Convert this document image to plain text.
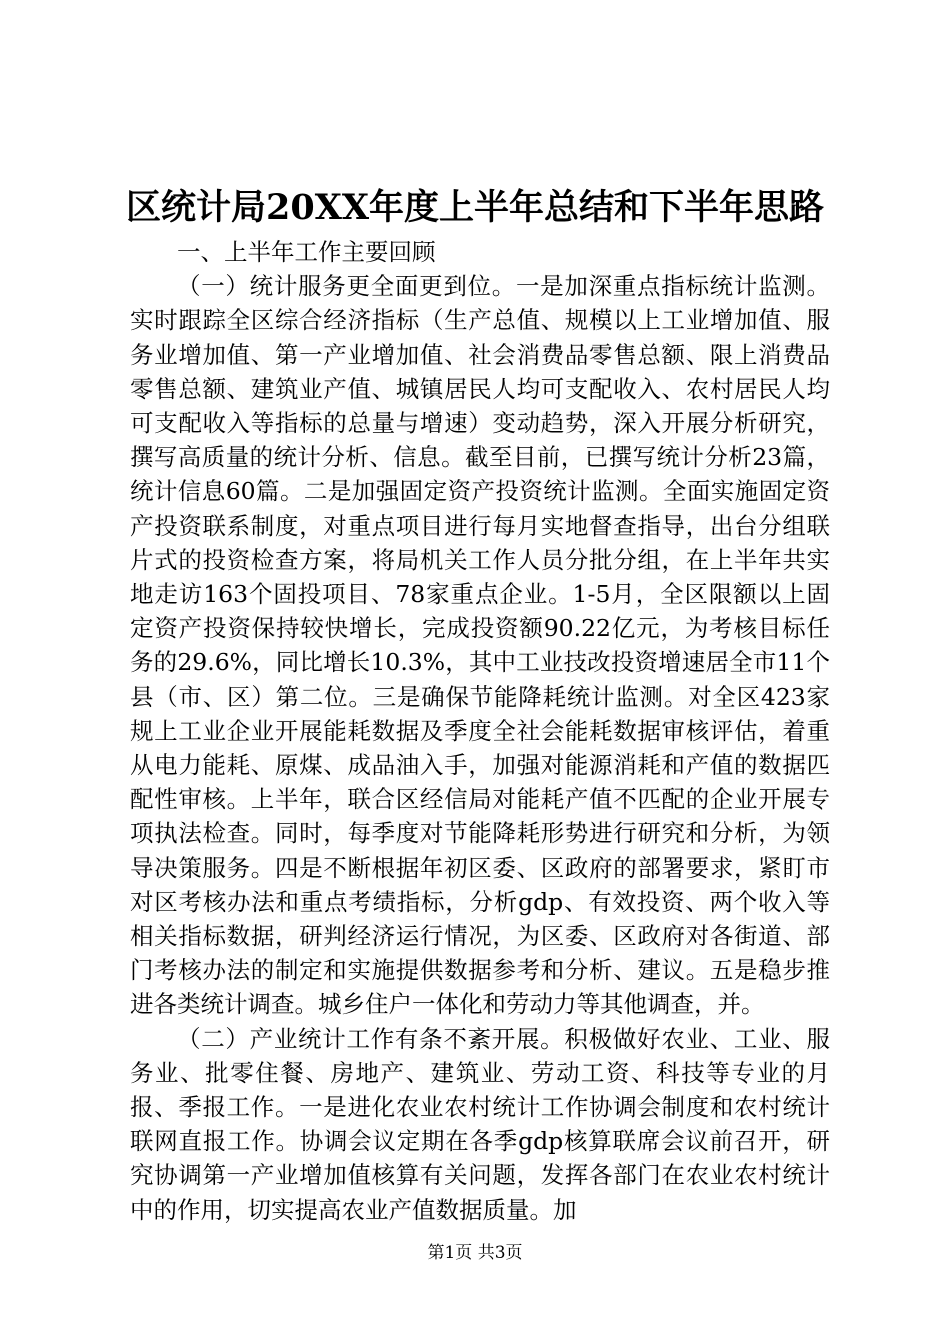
区统计局20XX年度上半年总结和下半年思路

一、上半年工作主要回顾

（一）统计服务更全面更到位。一是加深重点指标统计监测。实时跟踪全区综合经济指标（生产总值、规模以上工业增加值、服务业增加值、第一产业增加值、社会消费品零售总额、限上消费品零售总额、建筑业产值、城镇居民人均可支配收入、农村居民人均可支配收入等指标的总量与增速）变动趋势，深入开展分析研究，撰写高质量的统计分析、信息。截至目前，已撰写统计分析23篇，统计信息60篇。二是加强固定资产投资统计监测。全面实施固定资产投资联系制度，对重点项目进行每月实地督查指导，出台分组联片式的投资检查方案，将局机关工作人员分批分组，在上半年共实地走访163个固投项目、78家重点企业。1-5月，全区限额以上固定资产投资保持较快增长，完成投资额90.22亿元，为考核目标任务的29.6%，同比增长10.3%，其中工业技改投资增速居全市11个县（市、区）第二位。三是确保节能降耗统计监测。对全区423家规上工业企业开展能耗数据及季度全社会能耗数据审核评估，着重从电力能耗、原煤、成品油入手，加强对能源消耗和产值的数据匹配性审核。上半年，联合区经信局对能耗产值不匹配的企业开展专项执法检查。同时，每季度对节能降耗形势进行研究和分析，为领导决策服务。四是不断根据年初区委、区政府的部署要求，紧盯市对区考核办法和重点考绩指标，分析gdp、有效投资、两个收入等相关指标数据，研判经济运行情况，为区委、区政府对各街道、部门考核办法的制定和实施提供数据参考和分析、建议。五是稳步推进各类统计调查。城乡住户一体化和劳动力等其他调查，并。

（二）产业统计工作有条不紊开展。积极做好农业、工业、服务业、批零住餐、房地产、建筑业、劳动工资、科技等专业的月报、季报工作。一是进化农业农村统计工作协调会制度和农村统计联网直报工作。协调会议定期在各季gdp核算联席会议前召开，研究协调第一产业增加值核算有关问题，发挥各部门在农业农村统计中的作用，切实提高农业产值数据质量。加

第1页 共3页
